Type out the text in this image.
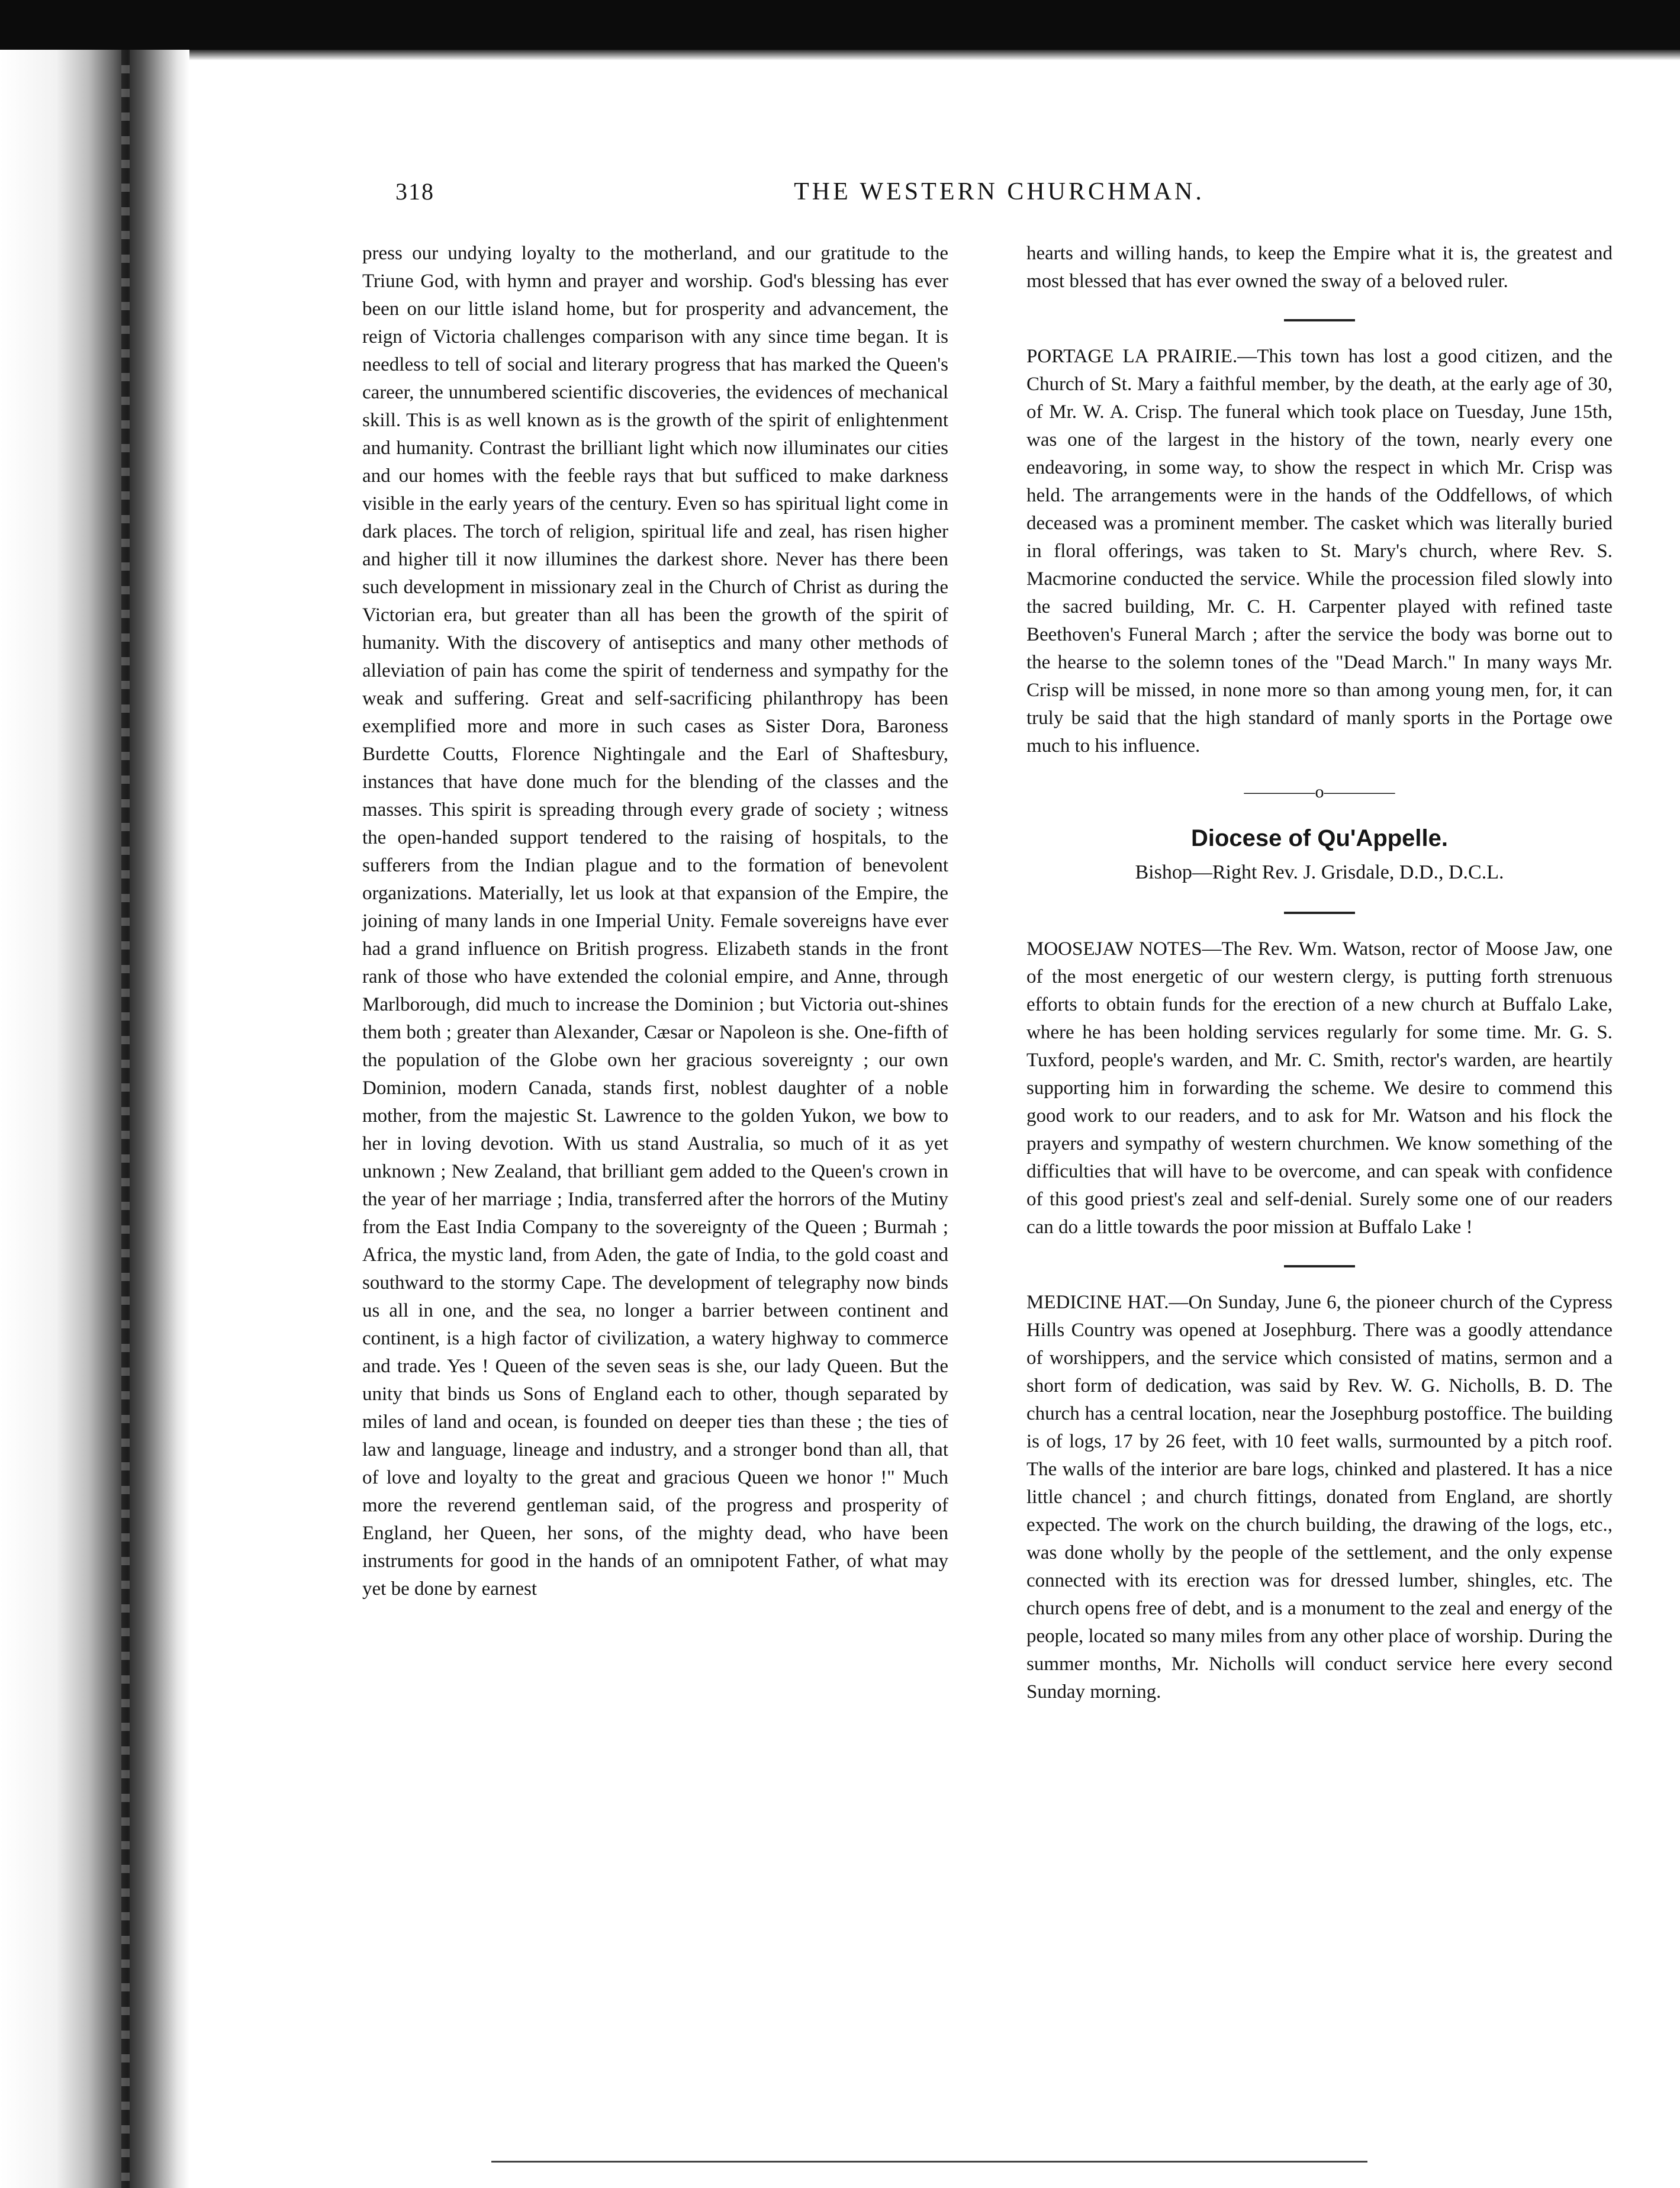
318	THE WESTERN CHURCHMAN.

press our undying loyalty to the motherland, and our gratitude to the Triune God, with hymn and prayer and worship. God's blessing has ever been on our little island home, but for prosperity and advancement, the reign of Victoria challenges comparison with any since time began. It is needless to tell of social and literary progress that has marked the Queen's career, the unnumbered scientific discoveries, the evidences of mechanical skill. This is as well known as is the growth of the spirit of enlightenment and humanity. Contrast the brilliant light which now illuminates our cities and our homes with the feeble rays that but sufficed to make darkness visible in the early years of the century. Even so has spiritual light come in dark places. The torch of religion, spiritual life and zeal, has risen higher and higher till it now illumines the darkest shore. Never has there been such development in missionary zeal in the Church of Christ as during the Victorian era, but greater than all has been the growth of the spirit of humanity. With the discovery of antiseptics and many other methods of alleviation of pain has come the spirit of tenderness and sympathy for the weak and suffering. Great and self-sacrificing philanthropy has been exemplified more and more in such cases as Sister Dora, Baroness Burdette Coutts, Florence Nightingale and the Earl of Shaftesbury, instances that have done much for the blending of the classes and the masses. This spirit is spreading through every grade of society ; witness the open-handed support tendered to the raising of hospitals, to the sufferers from the Indian plague and to the formation of benevolent organizations. Materially, let us look at that expansion of the Empire, the joining of many lands in one Imperial Unity. Female sovereigns have ever had a grand influence on British progress. Elizabeth stands in the front rank of those who have extended the colonial empire, and Anne, through Marlborough, did much to increase the Dominion ; but Victoria out-shines them both ; greater than Alexander, Cæsar or Napoleon is she. One-fifth of the population of the Globe own her gracious sovereignty ; our own Dominion, modern Canada, stands first, noblest daughter of a noble mother, from the majestic St. Lawrence to the golden Yukon, we bow to her in loving devotion. With us stand Australia, so much of it as yet unknown ; New Zealand, that brilliant gem added to the Queen's crown in the year of her marriage ; India, transferred after the horrors of the Mutiny from the East India Company to the sovereignty of the Queen ; Burmah ; Africa, the mystic land, from Aden, the gate of India, to the gold coast and southward to the stormy Cape. The development of telegraphy now binds us all in one, and the sea, no longer a barrier between continent and continent, is a high factor of civilization, a watery highway to commerce and trade. Yes ! Queen of the seven seas is she, our lady Queen. But the unity that binds us Sons of England each to other, though separated by miles of land and ocean, is founded on deeper ties than these ; the ties of law and language, lineage and industry, and a stronger bond than all, that of love and loyalty to the great and gracious Queen we honor !" Much more the reverend gentleman said, of the progress and prosperity of England, her Queen, her sons, of the mighty dead, who have been instruments for good in the hands of an omnipotent Father, of what may yet be done by earnest

hearts and willing hands, to keep the Empire what it is, the greatest and most blessed that has ever owned the sway of a beloved ruler.

PORTAGE LA PRAIRIE.—This town has lost a good citizen, and the Church of St. Mary a faithful member, by the death, at the early age of 30, of Mr. W. A. Crisp. The funeral which took place on Tuesday, June 15th, was one of the largest in the history of the town, nearly every one endeavoring, in some way, to show the respect in which Mr. Crisp was held. The arrangements were in the hands of the Oddfellows, of which deceased was a prominent member. The casket which was literally buried in floral offerings, was taken to St. Mary's church, where Rev. S. Macmorine conducted the service. While the procession filed slowly into the sacred building, Mr. C. H. Carpenter played with refined taste Beethoven's Funeral March ; after the service the body was borne out to the hearse to the solemn tones of the "Dead March." In many ways Mr. Crisp will be missed, in none more so than among young men, for, it can truly be said that the high standard of manly sports in the Portage owe much to his influence.

————o————

Diocese of Qu'Appelle.

Bishop—Right Rev. J. Grisdale, D.D., D.C.L.

MOOSEJAW NOTES—The Rev. Wm. Watson, rector of Moose Jaw, one of the most energetic of our western clergy, is putting forth strenuous efforts to obtain funds for the erection of a new church at Buffalo Lake, where he has been holding services regularly for some time. Mr. G. S. Tuxford, people's warden, and Mr. C. Smith, rector's warden, are heartily supporting him in forwarding the scheme. We desire to commend this good work to our readers, and to ask for Mr. Watson and his flock the prayers and sympathy of western churchmen. We know something of the difficulties that will have to be overcome, and can speak with confidence of this good priest's zeal and self-denial. Surely some one of our readers can do a little towards the poor mission at Buffalo Lake !

MEDICINE HAT.—On Sunday, June 6, the pioneer church of the Cypress Hills Country was opened at Josephburg. There was a goodly attendance of worshippers, and the service which consisted of matins, sermon and a short form of dedication, was said by Rev. W. G. Nicholls, B. D. The church has a central location, near the Josephburg postoffice. The building is of logs, 17 by 26 feet, with 10 feet walls, surmounted by a pitch roof. The walls of the interior are bare logs, chinked and plastered. It has a nice little chancel ; and church fittings, donated from England, are shortly expected. The work on the church building, the drawing of the logs, etc., was done wholly by the people of the settlement, and the only expense connected with its erection was for dressed lumber, shingles, etc. The church opens free of debt, and is a monument to the zeal and energy of the people, located so many miles from any other place of worship. During the summer months, Mr. Nicholls will conduct service here every second Sunday morning.
